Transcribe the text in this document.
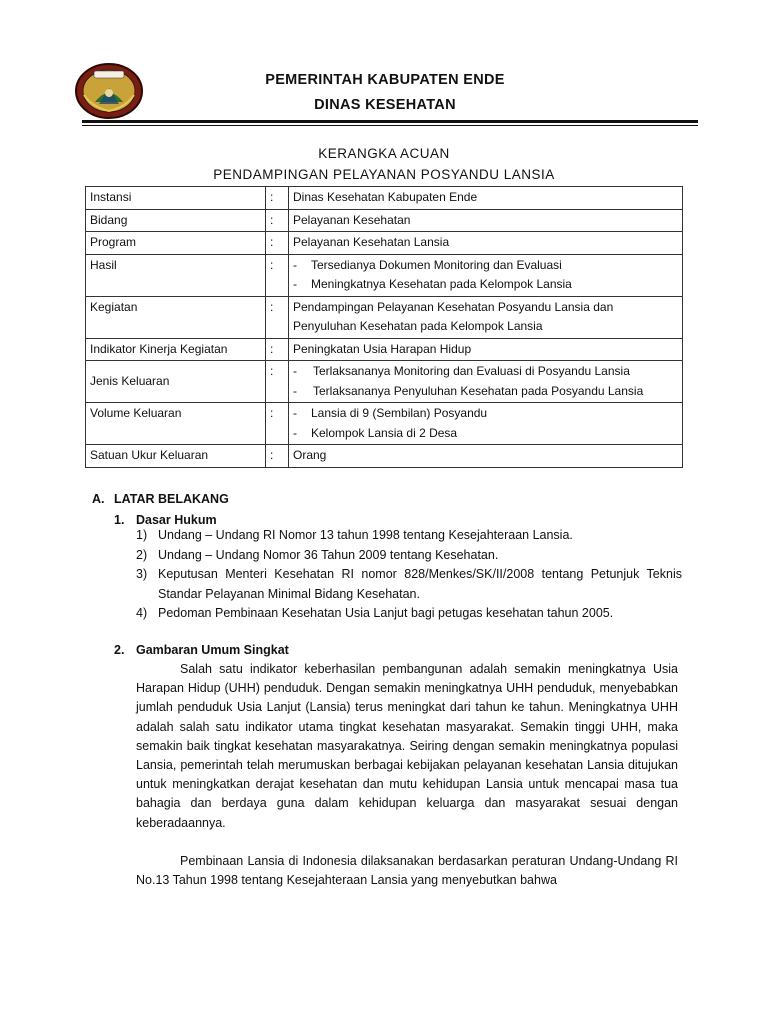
PEMERINTAH KABUPATEN ENDE
DINAS KESEHATAN
KERANGKA ACUAN
PENDAMPINGAN PELAYANAN POSYANDU LANSIA
Instansi	:	Dinas Kesehatan Kabupaten Ende
Bidang	:	Pelayanan Kesehatan
Program	:	Pelayanan Kesehatan Lansia
Hasil	:	- Tersedianya Dokumen Monitoring dan Evaluasi
- Meningkatnya Kesehatan pada Kelompok Lansia

Kegiatan	:	Pendampingan Pelayanan Kesehatan Posyandu Lansia dan Penyuluhan Kesehatan pada Kelompok Lansia
Indikator Kinerja Kegiatan	:	Peningkatan Usia Harapan Hidup
Jenis Keluaran	:	- Terlaksananya Monitoring dan Evaluasi di Posyandu Lansia
- Terlaksananya Penyuluhan Kesehatan pada Posyandu Lansia

Volume Keluaran	:	- Lansia di 9 (Sembilan) Posyandu
- Kelompok Lansia di 2 Desa

Satuan Ukur Keluaran	:	Orang
A. LATAR BELAKANG
1. Dasar Hukum
1) Undang – Undang RI Nomor 13 tahun 1998 tentang Kesejahteraan Lansia.
2) Undang – Undang Nomor 36 Tahun 2009 tentang Kesehatan.
3) Keputusan Menteri Kesehatan RI nomor 828/Menkes/SK/II/2008 tentang Petunjuk Teknis Standar Pelayanan Minimal Bidang Kesehatan.
4) Pedoman Pembinaan Kesehatan Usia Lanjut bagi petugas kesehatan tahun 2005.
2. Gambaran Umum Singkat

Salah satu indikator keberhasilan pembangunan adalah semakin meningkatnya Usia Harapan Hidup (UHH) penduduk. Dengan semakin meningkatnya UHH penduduk, menyebabkan jumlah penduduk Usia Lanjut (Lansia) terus meningkat dari tahun ke tahun. Meningkatnya UHH adalah salah satu indikator utama tingkat kesehatan masyarakat. Semakin tinggi UHH, maka semakin baik tingkat kesehatan masyarakatnya. Seiring dengan semakin meningkatnya populasi Lansia, pemerintah telah merumuskan berbagai kebijakan pelayanan kesehatan Lansia ditujukan untuk meningkatkan derajat kesehatan dan mutu kehidupan Lansia untuk mencapai masa tua bahagia dan berdaya guna dalam kehidupan keluarga dan masyarakat sesuai dengan keberadaannya.

Pembinaan Lansia di Indonesia dilaksanakan berdasarkan peraturan Undang-Undang RI No.13 Tahun 1998 tentang Kesejahteraan Lansia yang menyebutkan bahwa
